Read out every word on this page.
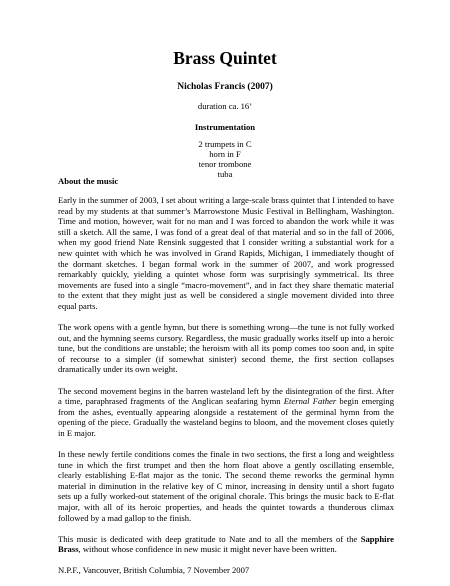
Brass Quintet
Nicholas Francis (2007)
duration ca. 16’
Instrumentation
2 trumpets in C
horn in F
tenor trombone
tuba
About the music

Early in the summer of 2003, I set about writing a large-scale brass quintet that I intended to have read by my students at that summer’s Marrowstone Music Festival in Bellingham, Washington. Time and motion, however, wait for no man and I was forced to abandon the work while it was still a sketch. All the same, I was fond of a great deal of that material and so in the fall of 2006, when my good friend Nate Rensink suggested that I consider writing a substantial work for a new quintet with which he was involved in Grand Rapids, Michigan, I immediately thought of the dormant sketches. I began formal work in the summer of 2007, and work progressed remarkably quickly, yielding a quintet whose form was surprisingly symmetrical. Its three movements are fused into a single “macro-movement”, and in fact they share thematic material to the extent that they might just as well be considered a single movement divided into three equal parts.

The work opens with a gentle hymn, but there is something wrong—the tune is not fully worked out, and the hymning seems cursory. Regardless, the music gradually works itself up into a heroic tune, but the conditions are unstable; the heroism with all its pomp comes too soon and, in spite of recourse to a simpler (if somewhat sinister) second theme, the first section collapses dramatically under its own weight.

The second movement begins in the barren wasteland left by the disintegration of the first. After a time, paraphrased fragments of the Anglican seafaring hymn Eternal Father begin emerging from the ashes, eventually appearing alongside a restatement of the germinal hymn from the opening of the piece. Gradually the wasteland begins to bloom, and the movement closes quietly in E major.

In these newly fertile conditions comes the finale in two sections, the first a long and weightless tune in which the first trumpet and then the horn float above a gently oscillating ensemble, clearly establishing E-flat major as the tonic. The second theme reworks the germinal hymn material in diminution in the relative key of C minor, increasing in density until a short fugato sets up a fully worked-out statement of the original chorale. This brings the music back to E-flat major, with all of its heroic properties, and heads the quintet towards a thunderous climax followed by a mad gallop to the finish.

This music is dedicated with deep gratitude to Nate and to all the members of the Sapphire Brass, without whose confidence in new music it might never have been written.

N.P.F., Vancouver, British Columbia, 7 November 2007
